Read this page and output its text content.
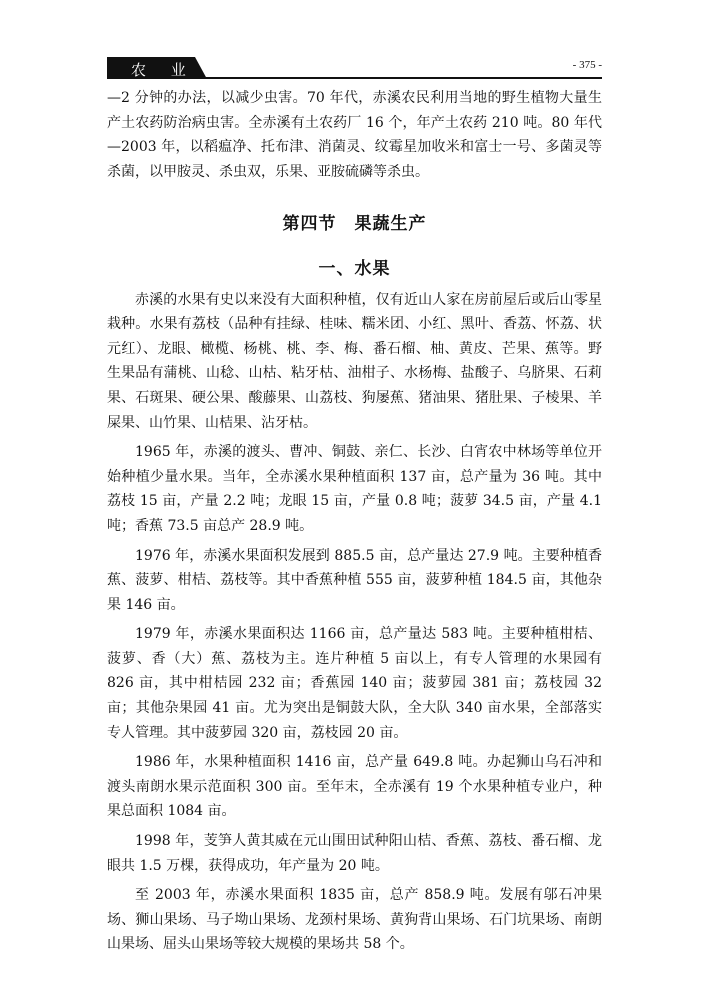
农 业	- 375 -

—2 分钟的办法，以减少虫害。70 年代，赤溪农民利用当地的野生植物大量生产土农药防治病虫害。全赤溪有土农药厂 16 个，年产土农药 210 吨。80 年代—2003 年，以稻瘟净、托布津、消菌灵、纹霉星加收米和富士一号、多菌灵等杀菌，以甲胺灵、杀虫双，乐果、亚胺硫磷等杀虫。

第四节　果蔬生产
一、水果

赤溪的水果有史以来没有大面积种植，仅有近山人家在房前屋后或后山零星栽种。水果有荔枝（品种有挂绿、桂味、糯米团、小红、黑叶、香荔、怀荔、状元红）、龙眼、橄榄、杨桃、桃、李、梅、番石榴、柚、黄皮、芒果、蕉等。野生果品有蒲桃、山稔、山枯、粘牙枯、油柑子、水杨梅、盐酸子、乌脐果、石莉果、石斑果、硬公果、酸藤果、山荔枝、狗屡蕉、猪油果、猪肚果、子棱果、羊屎果、山竹果、山桔果、沾牙枯。

1965 年，赤溪的渡头、曹冲、铜鼓、亲仁、长沙、白宵农中林场等单位开始种植少量水果。当年，全赤溪水果种植面积 137 亩，总产量为 36 吨。其中荔枝 15 亩，产量 2.2 吨；龙眼 15 亩，产量 0.8 吨；菠萝 34.5 亩，产量 4.1 吨；香蕉 73.5 亩总产 28.9 吨。

1976 年，赤溪水果面积发展到 885.5 亩，总产量达 27.9 吨。主要种植香蕉、菠萝、柑桔、荔枝等。其中香蕉种植 555 亩，菠萝种植 184.5 亩，其他杂果 146 亩。

1979 年，赤溪水果面积达 1166 亩，总产量达 583 吨。主要种植柑桔、菠萝、香（大）蕉、荔枝为主。连片种植 5 亩以上，有专人管理的水果园有 826 亩，其中柑桔园 232 亩；香蕉园 140 亩；菠萝园 381 亩；荔枝园 32 亩；其他杂果园 41 亩。尤为突出是铜鼓大队，全大队 340 亩水果，全部落实专人管理。其中菠萝园 320 亩，荔枝园 20 亩。

1986 年，水果种植面积 1416 亩，总产量 649.8 吨。办起狮山乌石冲和渡头南朗水果示范面积 300 亩。至年末，全赤溪有 19 个水果种植专业户，种果总面积 1084 亩。

1998 年，芰笋人黄其威在元山围田试种阳山桔、香蕉、荔枝、番石榴、龙眼共 1.5 万棵，获得成功，年产量为 20 吨。

至 2003 年，赤溪水果面积 1835 亩，总产 858.9 吨。发展有邬石冲果场、狮山果场、马子坳山果场、龙颈村果场、黄狗背山果场、石门坑果场、南朗山果场、屈头山果场等较大规模的果场共 58 个。
